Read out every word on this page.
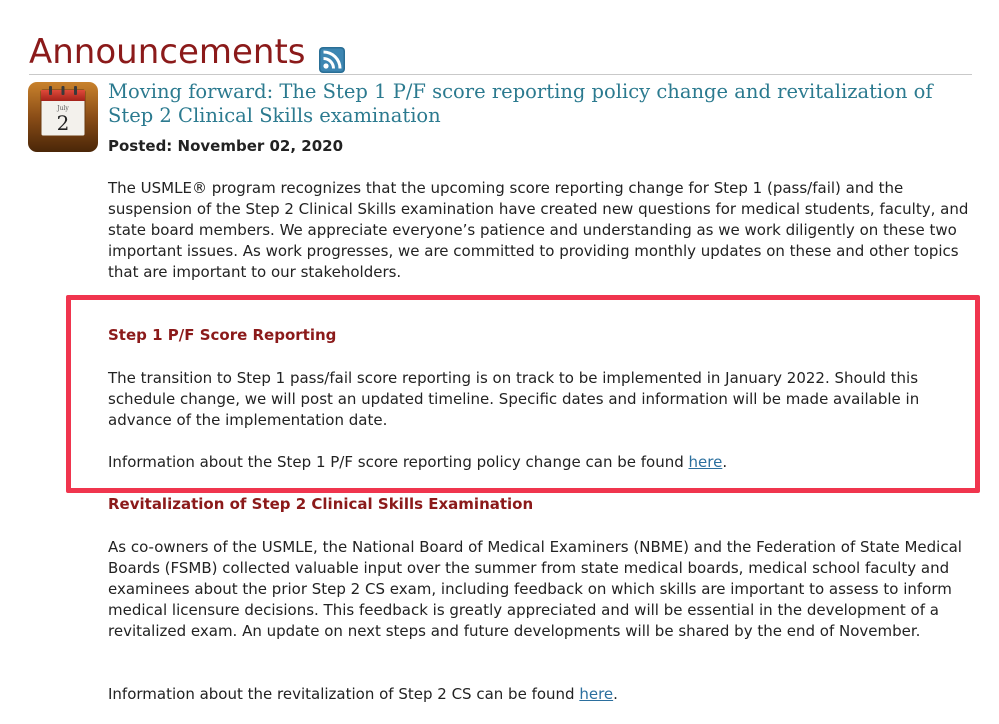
Announcements
July
2
Moving forward: The Step 1 P/F score reporting policy change and revitalization of Step 2 Clinical Skills examination
Posted: November 02, 2020

The USMLE® program recognizes that the upcoming score reporting change for Step 1 (pass/fail) and the suspension of the Step 2 Clinical Skills examination have created new questions for medical students, faculty, and state board members. We appreciate everyone’s patience and understanding as we work diligently on these two important issues. As work progresses, we are committed to providing monthly updates on these and other topics that are important to our stakeholders.

Step 1 P/F Score Reporting

The transition to Step 1 pass/fail score reporting is on track to be implemented in January 2022. Should this schedule change, we will post an updated timeline. Specific dates and information will be made available in advance of the implementation date.

Information about the Step 1 P/F score reporting policy change can be found here.

Revitalization of Step 2 Clinical Skills Examination

As co-owners of the USMLE, the National Board of Medical Examiners (NBME) and the Federation of State Medical Boards (FSMB) collected valuable input over the summer from state medical boards, medical school faculty and examinees about the prior Step 2 CS exam, including feedback on which skills are important to assess to inform medical licensure decisions. This feedback is greatly appreciated and will be essential in the development of a revitalized exam. An update on next steps and future developments will be shared by the end of November.

Information about the revitalization of Step 2 CS can be found here.
